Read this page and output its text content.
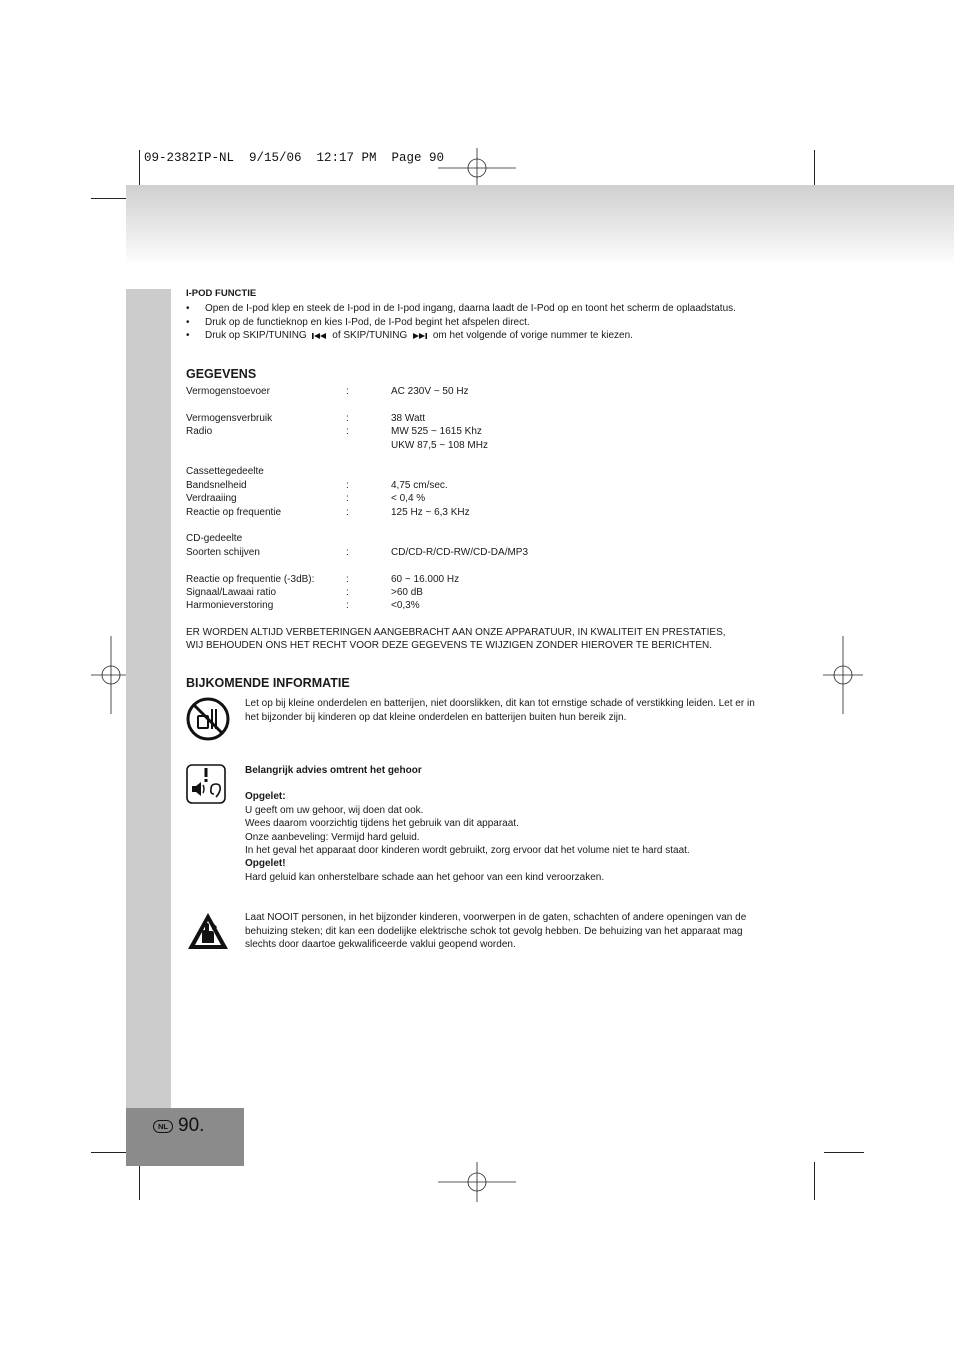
09-2382IP-NL  9/15/06  12:17 PM  Page 90
NL 90.
I-POD FUNCTIE
•	Open de I-pod klep en steek de I-pod in de I-pod ingang, daarna laadt de I-Pod op en toont het scherm de oplaadstatus.
•	Druk op de functieknop en kies I-Pod, de I-Pod begint het afspelen direct.
•	Druk op SKIP/TUNING	of SKIP/TUNING	om het volgende of vorige nummer te kiezen.
GEGEVENS
Vermogenstoevoer	:	AC 230V ~ 50 Hz
Vermogensverbruik	:	38 Watt
Radio	:	MW 525 ~ 1615 Khz
UKW 87,5 ~ 108 MHz
Cassettegedeelte
Bandsnelheid	:	4,75 cm/sec.
Verdraaiing	:	< 0,4 %
Reactie op frequentie	:	125 Hz ~ 6,3 KHz
CD-gedeelte
Soorten schijven	:	CD/CD-R/CD-RW/CD-DA/MP3
Reactie op frequentie (-3dB):	:	60 ~ 16.000 Hz
Signaal/Lawaai ratio	:	>60 dB
Harmonieverstoring	:	<0,3%
ER WORDEN ALTIJD VERBETERINGEN AANGEBRACHT AAN ONZE APPARATUUR, IN KWALITEIT EN PRESTATIES,
WIJ BEHOUDEN ONS HET RECHT VOOR DEZE GEGEVENS TE WIJZIGEN ZONDER HIEROVER TE BERICHTEN.
BIJKOMENDE INFORMATIE
Let op bij kleine onderdelen en batterijen, niet doorslikken, dit kan tot ernstige schade of verstikking leiden. Let er in het bijzonder bij kinderen op dat kleine onderdelen en batterijen buiten hun bereik zijn.
Belangrijk advies omtrent het gehoor
Opgelet:
U geeft om uw gehoor, wij doen dat ook.
Wees daarom voorzichtig tijdens het gebruik van dit apparaat.
Onze aanbeveling: Vermijd hard geluid.
In het geval het apparaat door kinderen wordt gebruikt, zorg ervoor dat het volume niet te hard staat.
Opgelet!
Hard geluid kan onherstelbare schade aan het gehoor van een kind veroorzaken.
Laat NOOIT personen, in het bijzonder kinderen, voorwerpen in de gaten, schachten of andere openingen van de behuizing steken; dit kan een dodelijke elektrische schok tot gevolg hebben. De behuizing van het apparaat mag slechts door daartoe gekwalificeerde vaklui geopend worden.
